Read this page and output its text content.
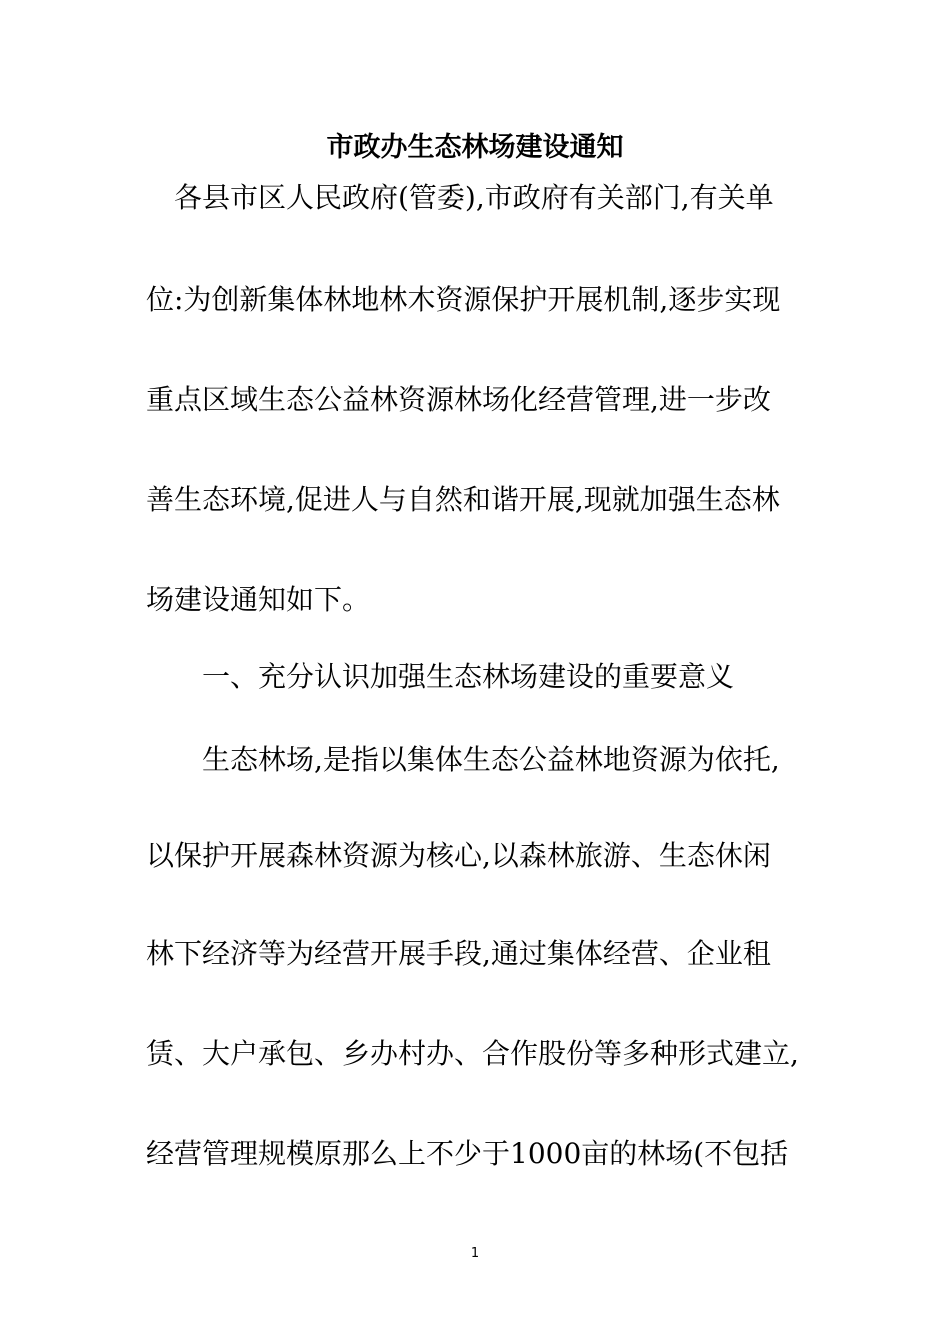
市政办生态林场建设通知

各县市区人民政府(管委),市政府有关部门,有关单

位:为创新集体林地林木资源保护开展机制,逐步实现

重点区域生态公益林资源林场化经营管理,进一步改

善生态环境,促进人与自然和谐开展,现就加强生态林

场建设通知如下。

一、充分认识加强生态林场建设的重要意义

生态林场,是指以集体生态公益林地资源为依托,

以保护开展森林资源为核心,以森林旅游、生态休闲

林下经济等为经营开展手段,通过集体经营、企业租

赁、大户承包、乡办村办、合作股份等多种形式建立,

经营管理规模原那么上不少于1000亩的林场(不包括

1
